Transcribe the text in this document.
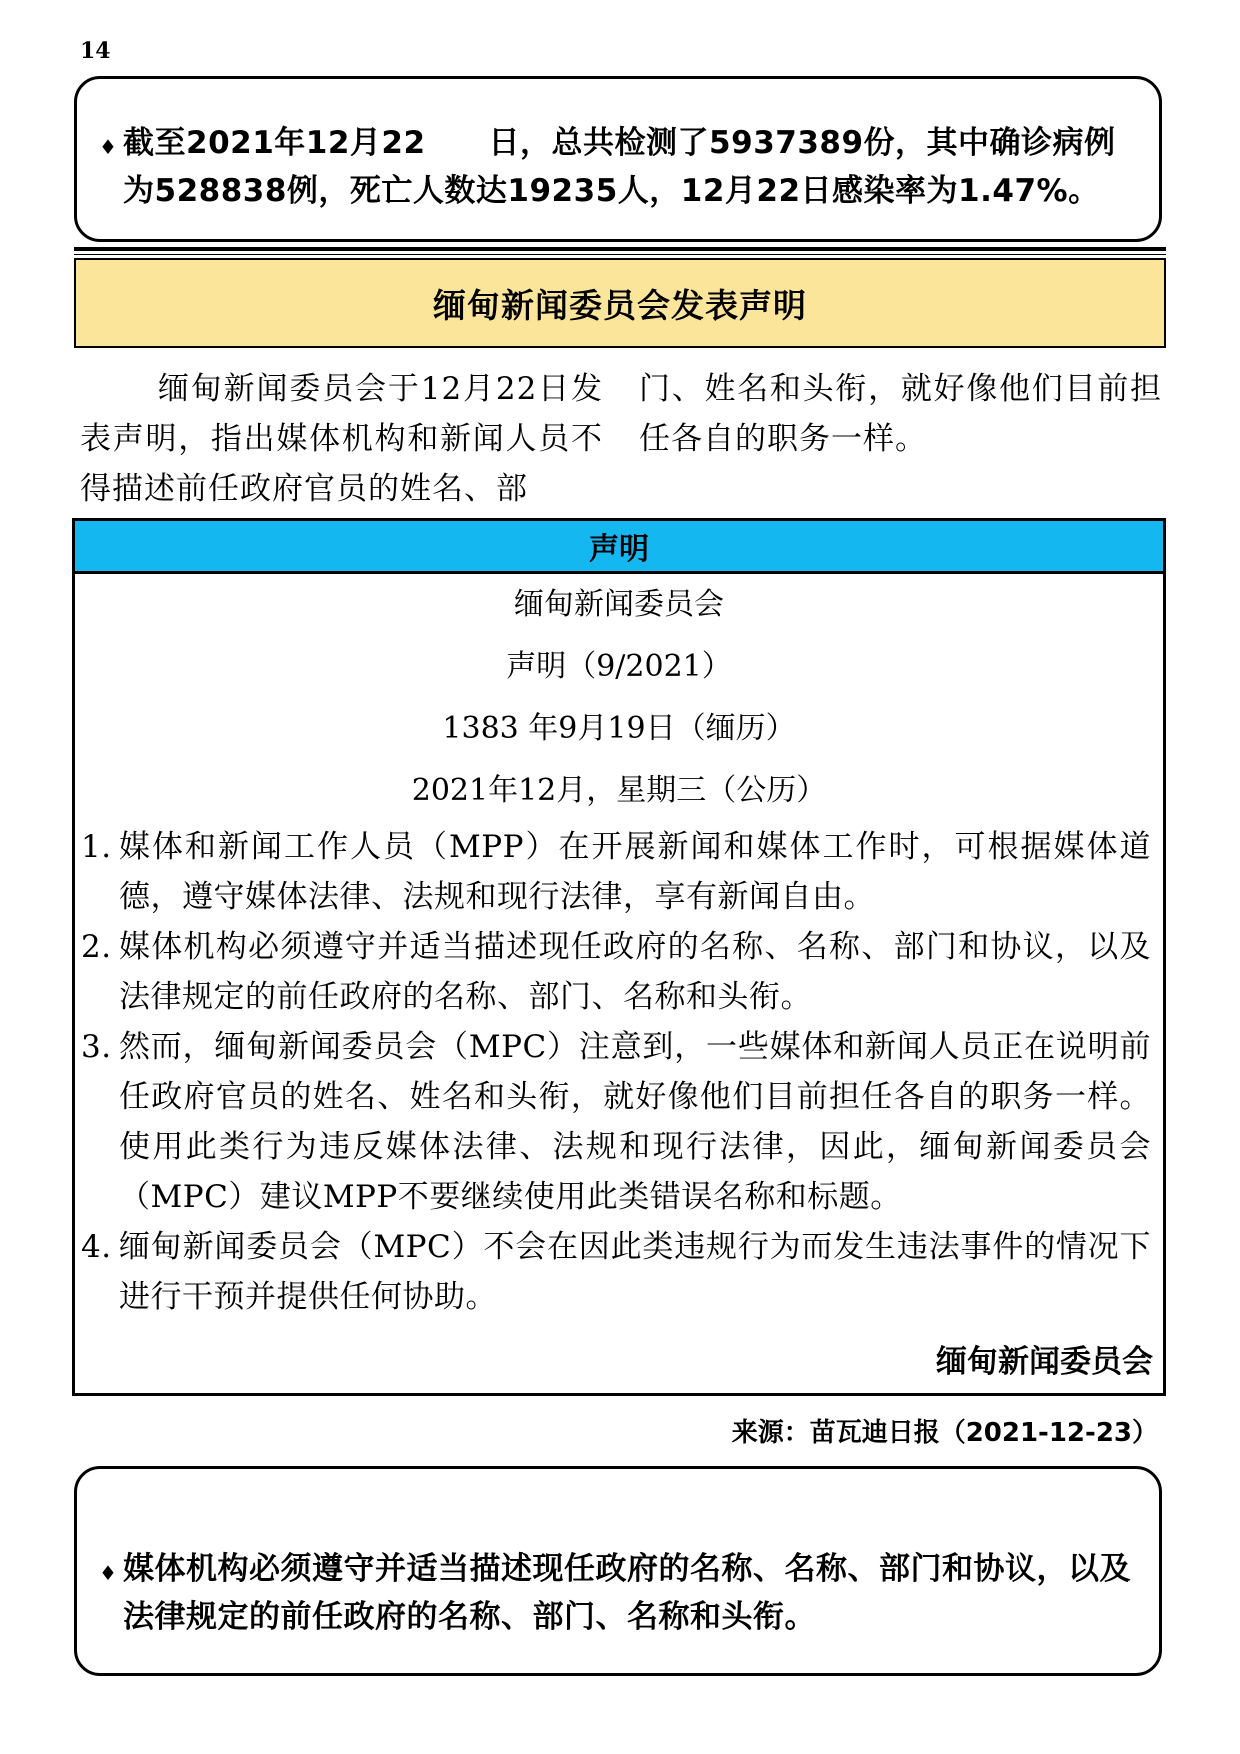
14
♦ 截至2021年12月22　　日，总共检测了5937389份，其中确诊病例为528838例，死亡人数达19235人，12月22日感染率为1.47%。
缅甸新闻委员会发表声明
缅甸新闻委员会于12月22日发表声明，指出媒体机构和新闻人员不得描述前任政府官员的姓名、部
门、姓名和头衔，就好像他们目前担任各自的职务一样。
声明
缅甸新闻委员会
声明（9/2021）
1383 年9月19日（缅历）
2021年12月，星期三（公历）
1. 媒体和新闻工作人员（MPP）在开展新闻和媒体工作时，可根据媒体道德，遵守媒体法律、法规和现行法律，享有新闻自由。
2. 媒体机构必须遵守并适当描述现任政府的名称、名称、部门和协议，以及法律规定的前任政府的名称、部门、名称和头衔。
3. 然而，缅甸新闻委员会（MPC）注意到，一些媒体和新闻人员正在说明前任政府官员的姓名、姓名和头衔，就好像他们目前担任各自的职务一样。使用此类行为违反媒体法律、法规和现行法律，因此，缅甸新闻委员会（MPC）建议MPP不要继续使用此类错误名称和标题。
4. 缅甸新闻委员会（MPC）不会在因此类违规行为而发生违法事件的情况下进行干预并提供任何协助。
缅甸新闻委员会
来源：苗瓦迪日报（2021-12-23）
♦ 媒体机构必须遵守并适当描述现任政府的名称、名称、部门和协议，以及法律规定的前任政府的名称、部门、名称和头衔。
